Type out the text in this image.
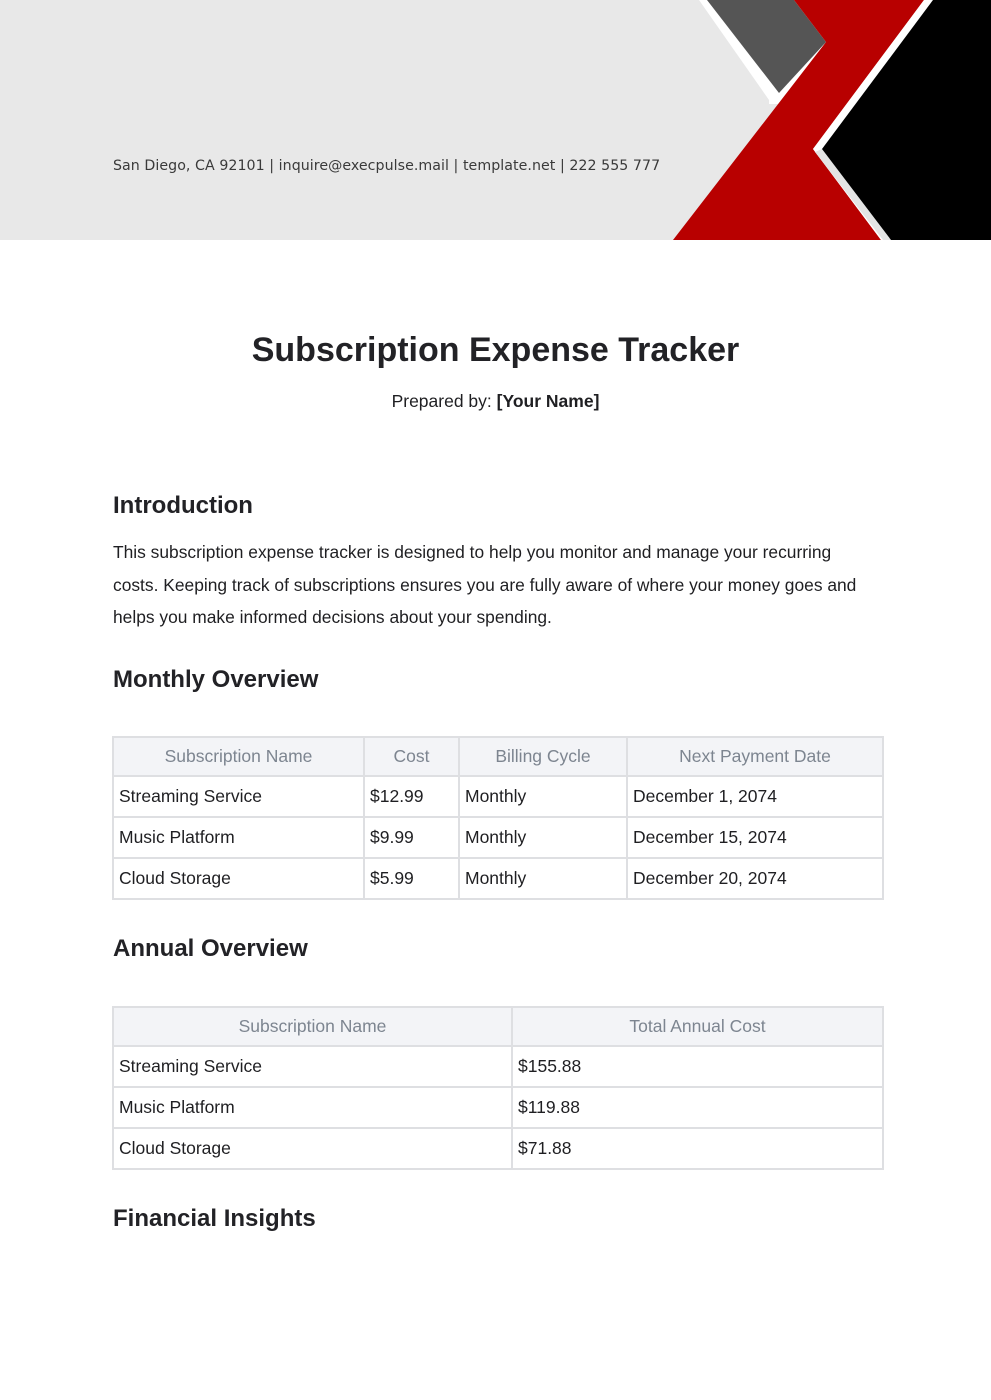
San Diego, CA 92101 | inquire@execpulse.mail | template.net | 222 555 777
Subscription Expense Tracker
Prepared by: [Your Name]
Introduction

This subscription expense tracker is designed to help you monitor and manage your recurring costs. Keeping track of subscriptions ensures you are fully aware of where your money goes and helps you make informed decisions about your spending.

Monthly Overview
Subscription Name	Cost	Billing Cycle	Next Payment Date
Streaming Service	$12.99	Monthly	December 1, 2074
Music Platform	$9.99	Monthly	December 15, 2074
Cloud Storage	$5.99	Monthly	December 20, 2074
Annual Overview
Subscription Name	Total Annual Cost
Streaming Service	$155.88
Music Platform	$119.88
Cloud Storage	$71.88
Financial Insights
